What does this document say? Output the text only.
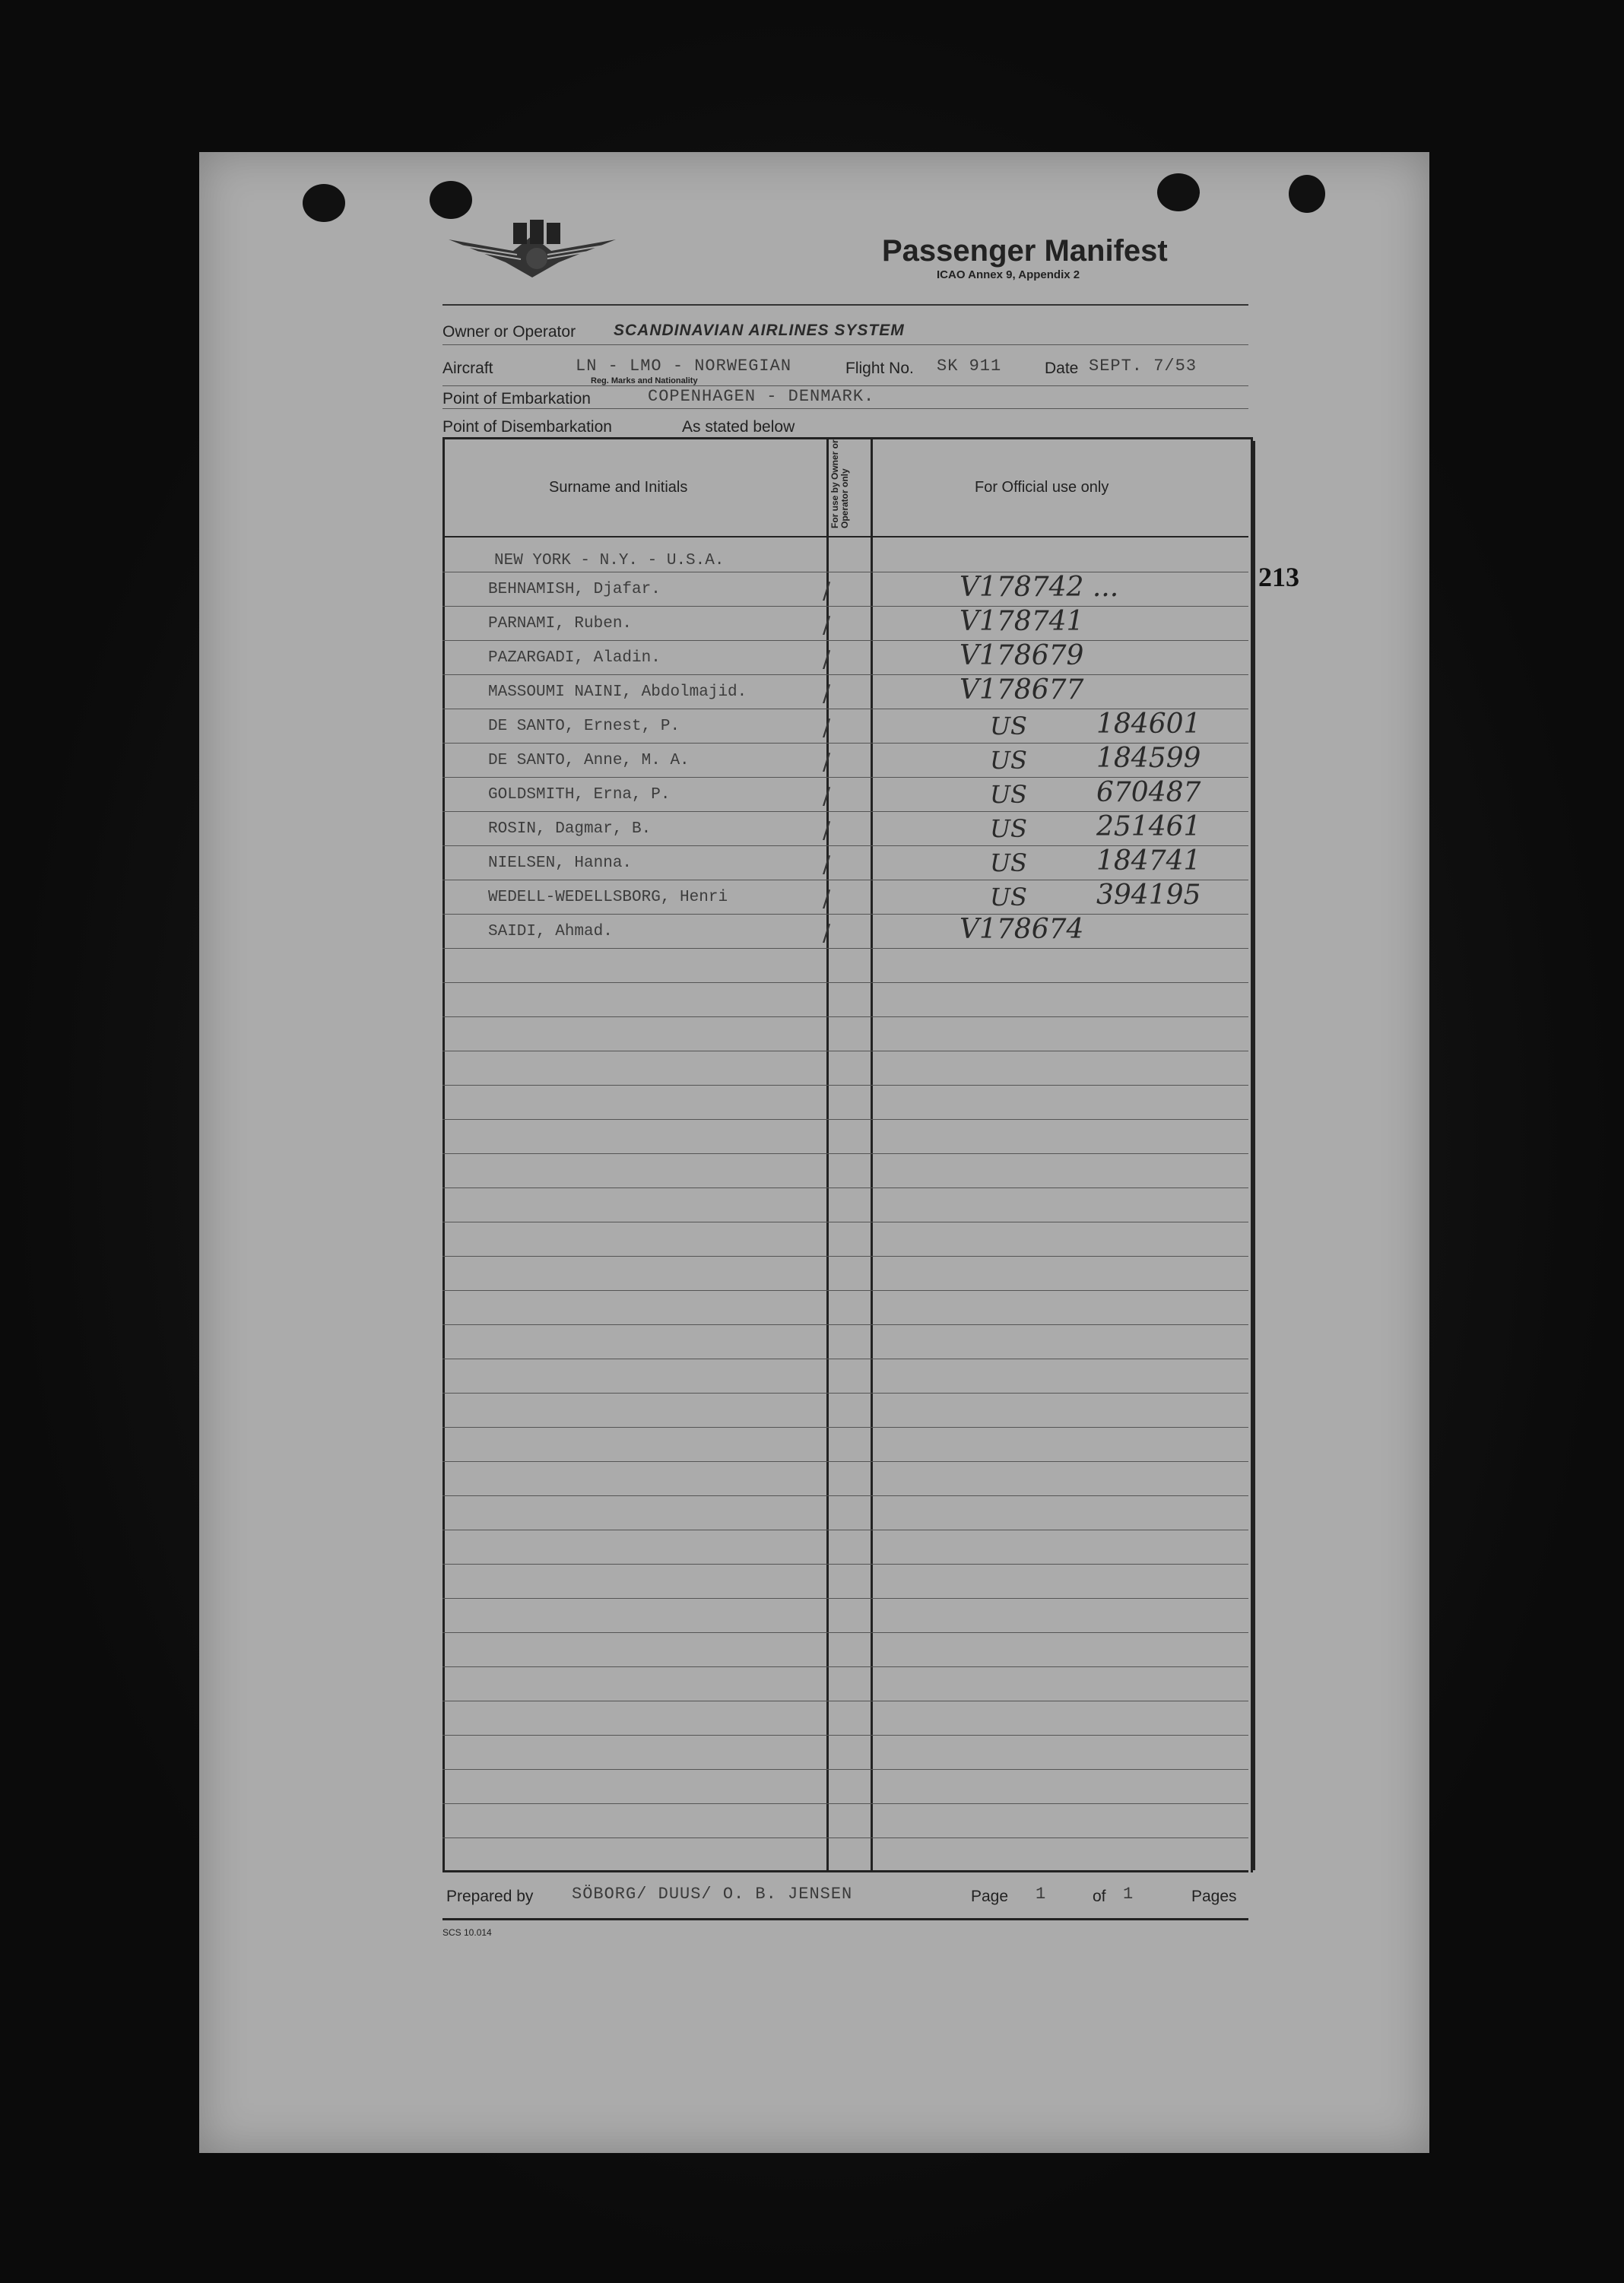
Passenger Manifest
ICAO Annex 9, Appendix 2
Owner or Operator SCANDINAVIAN AIRLINES SYSTEM
Aircraft	LN - LMO - NORWEGIAN
Reg. Marks and Nationality
Flight No. SK 911	Date SEPT. 7/53
Point of Embarkation	COPENHAGEN - DENMARK.
Point of Disembarkation	As stated below
Surname and Initials	For use by Owner or Operator only	For Official use only
NEW YORK - N.Y. - U.S.A.
BEHNAMISH, Djafar.	/	V178742 ...
PARNAMI, Ruben.	/	V178741
PAZARGADI, Aladin.	/	V178679
MASSOUMI NAINI, Abdolmajid.	/	V178677
DE SANTO, Ernest, P.	/	US	184601
DE SANTO, Anne, M. A.	/	US	184599
GOLDSMITH, Erna, P.	/	US	670487
ROSIN, Dagmar, B.	/	US	251461
NIELSEN, Hanna.	/	US	184741
WEDELL-WEDELLSBORG, Henri	/	US	394195
SAIDI, Ahmad.	/	V178674
Prepared by SÖBORG/ DUUS/ O. B. JENSEN	Page 1	of 1	Pages
SCS 10.014
213
